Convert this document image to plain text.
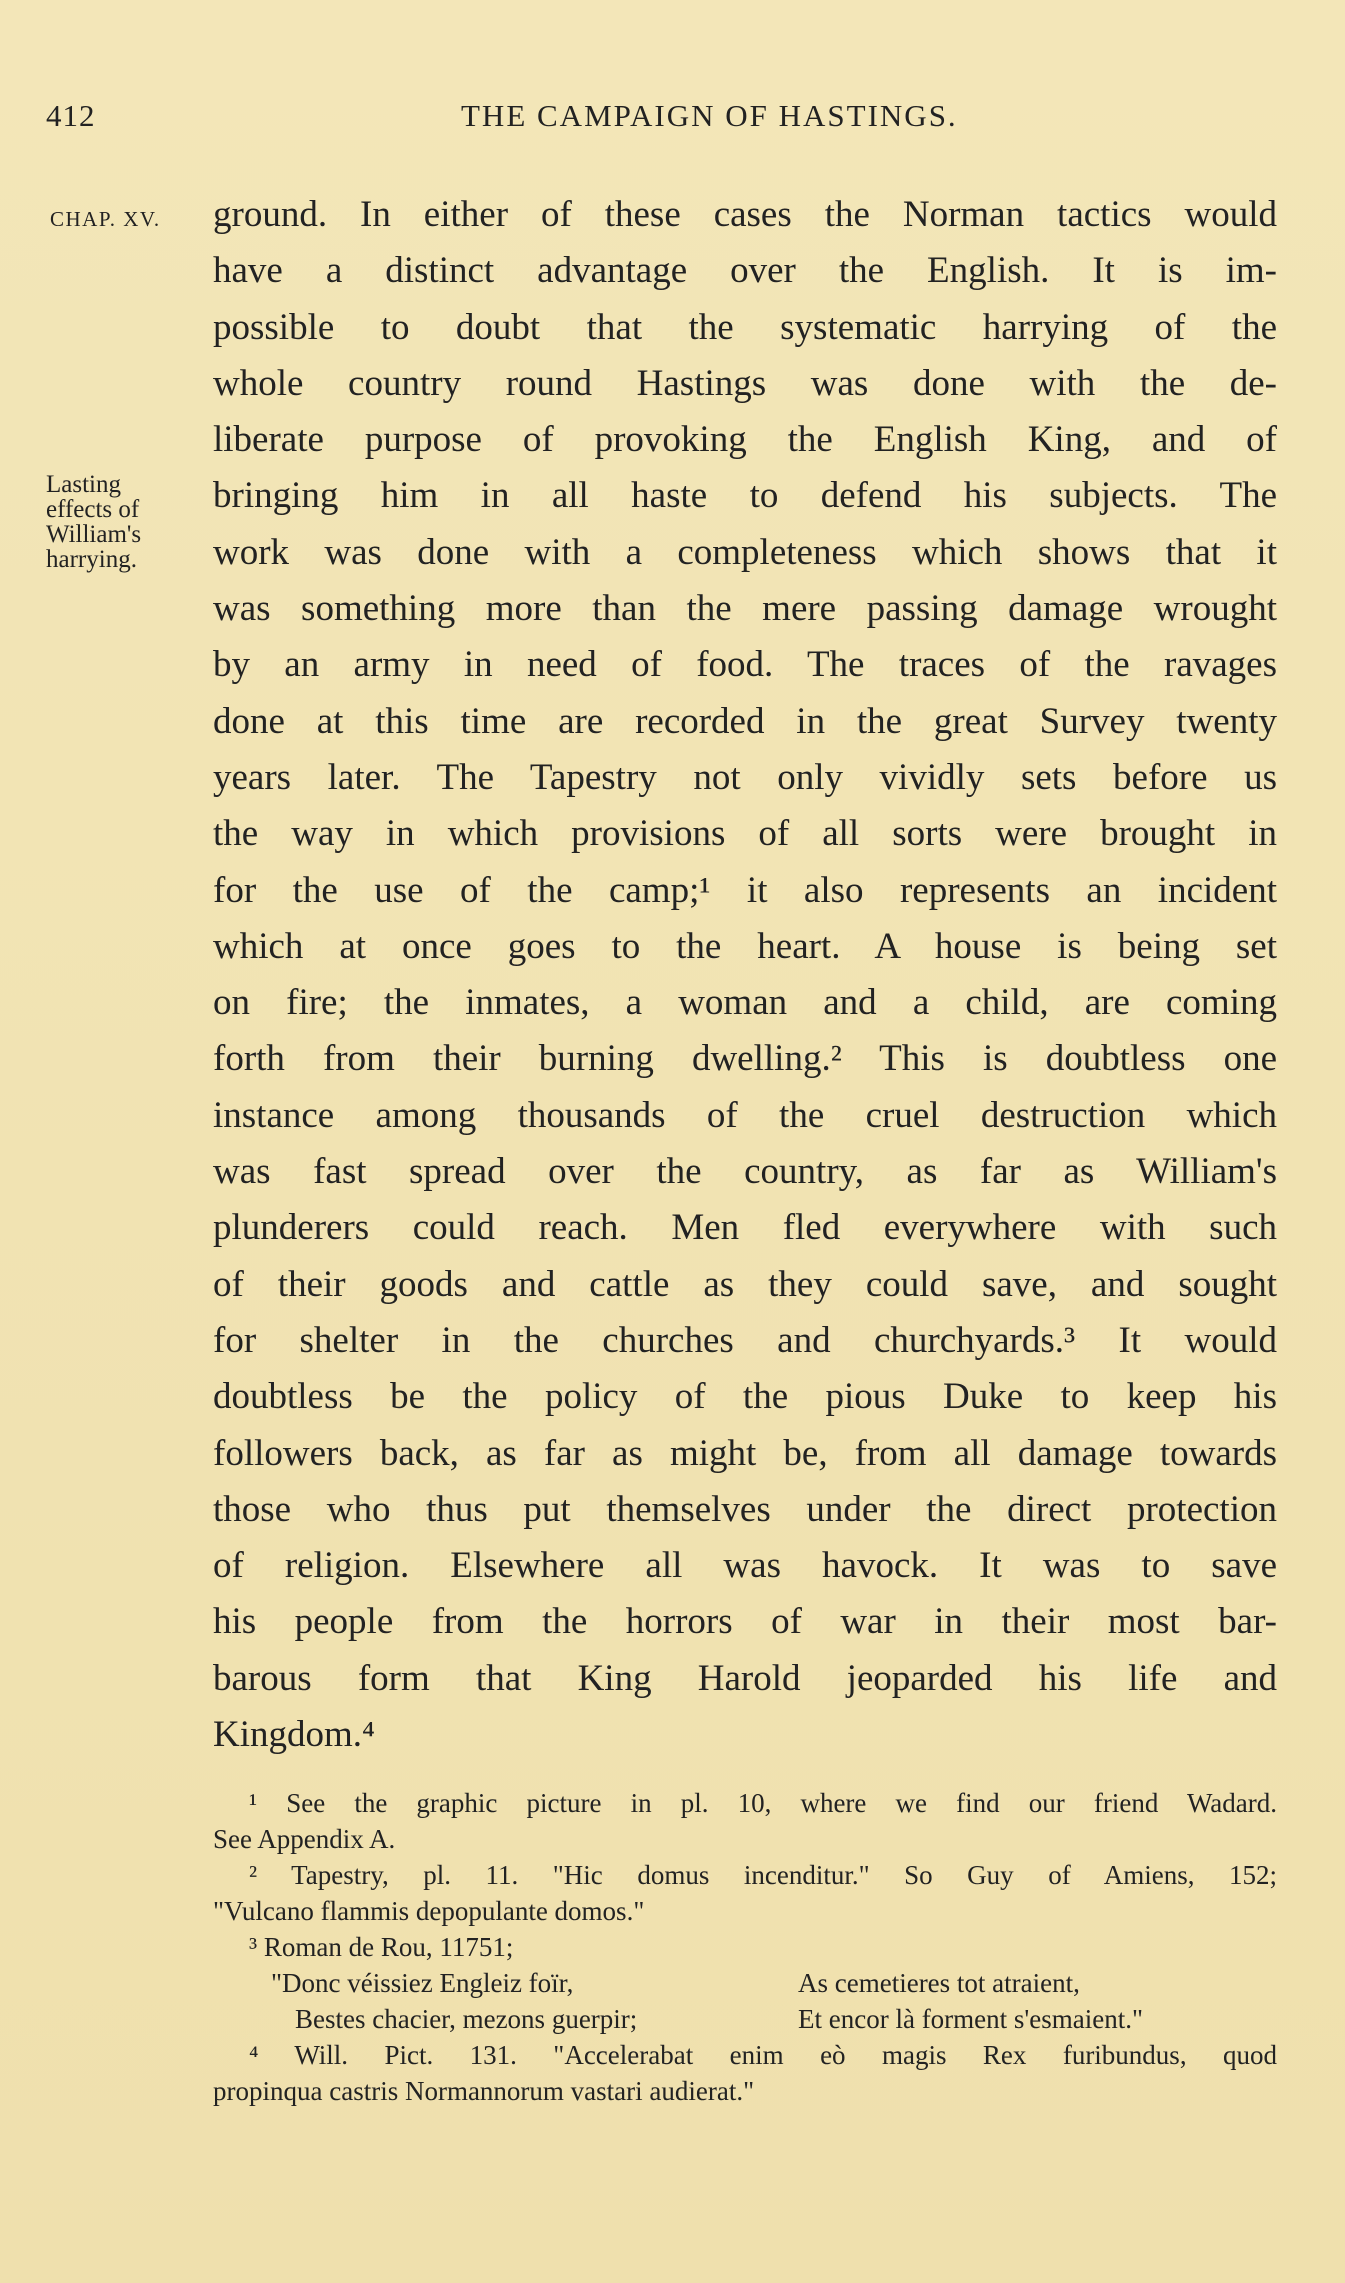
412	THE CAMPAIGN OF HASTINGS.
CHAP. XV.
Lasting
effects of
William's
harrying.
ground. In either of these cases the Norman tactics would
have a distinct advantage over the English. It is im-
possible to doubt that the systematic harrying of the
whole country round Hastings was done with the de-
liberate purpose of provoking the English King, and of
bringing him in all haste to defend his subjects. The
work was done with a completeness which shows that it
was something more than the mere passing damage wrought
by an army in need of food. The traces of the ravages
done at this time are recorded in the great Survey twenty
years later. The Tapestry not only vividly sets before us
the way in which provisions of all sorts were brought in
for the use of the camp;¹ it also represents an incident
which at once goes to the heart. A house is being set
on fire; the inmates, a woman and a child, are coming
forth from their burning dwelling.² This is doubtless one
instance among thousands of the cruel destruction which
was fast spread over the country, as far as William's
plunderers could reach. Men fled everywhere with such
of their goods and cattle as they could save, and sought
for shelter in the churches and churchyards.³ It would
doubtless be the policy of the pious Duke to keep his
followers back, as far as might be, from all damage towards
those who thus put themselves under the direct protection
of religion. Elsewhere all was havock. It was to save
his people from the horrors of war in their most bar-
barous form that King Harold jeoparded his life and
Kingdom.⁴
¹ See the graphic picture in pl. 10, where we find our friend Wadard.
See Appendix A.
² Tapestry, pl. 11. "Hic domus incenditur." So Guy of Amiens, 152;
"Vulcano flammis depopulante domos."
³ Roman de Rou, 11751;
"Donc véissiez Engleiz foïr,	As cemetieres tot atraient,
Bestes chacier, mezons guerpir;	Et encor là forment s'esmaient."
⁴ Will. Pict. 131. "Accelerabat enim eò magis Rex furibundus, quod
propinqua castris Normannorum vastari audierat."
